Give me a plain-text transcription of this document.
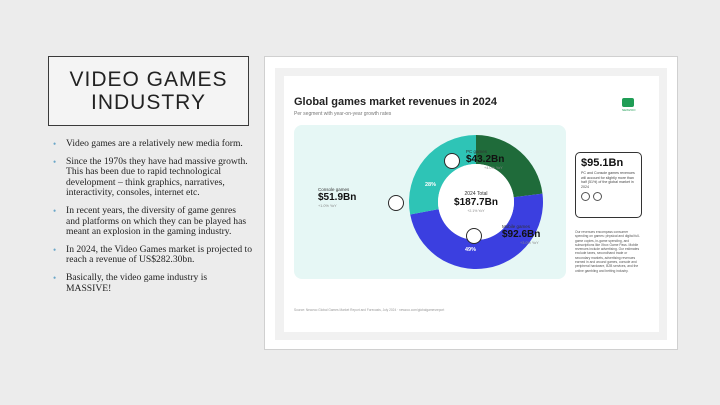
VIDEO GAMES INDUSTRY
• Video games are a relatively new media form.
• Since the 1970s they have had massive growth. This has been due to rapid technological development – think graphics, narratives, interactivity, consoles, internet etc.
• In recent years, the diversity of game genres and platforms on which they can be played has meant an explosion in the gaming industry.
• In 2024, the Video Games market is projected to reach a revenue of US$282.30bn.
• Basically, the video game industry is MASSIVE!
Global games market revenues in 2024
Per segment with year-on-year growth rates
NEWZOO
23%
49%
28%
2024 Total
$187.7Bn
+2.1% YoY
PC games
$43.2Bn
+4.0% YoY
Console games
$51.9Bn
+1.0% YoY
Mobile games
$92.6Bn
+3.0% YoY
$95.1Bn
PC and Console games revenues will account for slightly more than half (51%) of the global market in 2024
Our revenues encompass consumer spending on games: physical and digital full-game copies, in-game spending, and subscriptions like Xbox Game Pass. Mobile revenues include advertising. Our estimates exclude taxes, secondhand trade or secondary markets, advertising revenues earned in and around games, console and peripheral hardware, B2B services, and the online gambling and betting industry.
Source: Newzoo Global Games Market Report and Forecasts, July 2024 · newzoo.com/globalgamesreport
